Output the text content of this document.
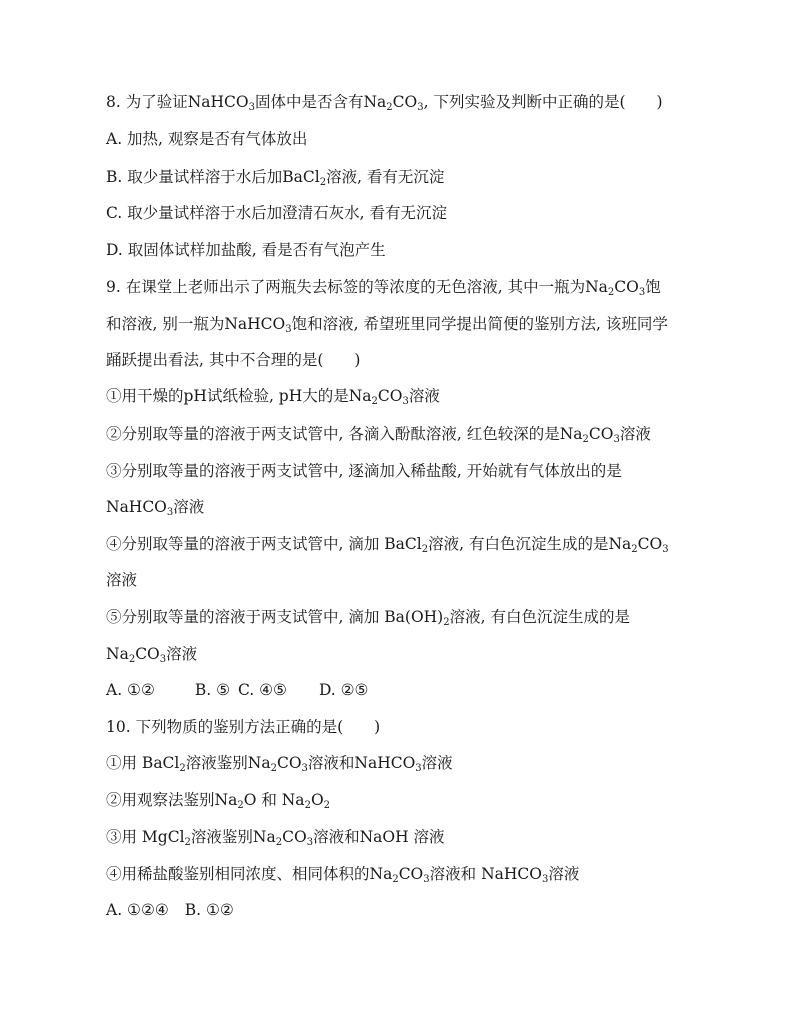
8. 为了验证NaHCO$_3$固体中是否含有$Na_2CO_3$, 下列实验及判断中正确的是(　　)
A. 加热, 观察是否有气体放出
B. 取少量试样溶于水后加BaCl$_2$溶液, 看有无沉淀
C. 取少量试样溶于水后加澄清石灰水, 看有无沉淀
D. 取固体试样加盐酸, 看是否有气泡产生
9. 在课堂上老师出示了两瓶失去标签的等浓度的无色溶液, 其中一瓶为$Na_2CO_3$饱
和溶液, 别一瓶为NaHCO$_3$饱和溶液, 希望班里同学提出简便的鉴别方法, 该班同学
踊跃提出看法, 其中不合理的是(　　)
①用干燥的pH试纸检验, pH大的是$Na_2CO_3$溶液
②分别取等量的溶液于两支试管中, 各滴入酚酞溶液, 红色较深的是$Na_2CO_3$溶液
③分别取等量的溶液于两支试管中, 逐滴加入稀盐酸, 开始就有气体放出的是
NaHCO$_3$溶液
④分别取等量的溶液于两支试管中, 滴加 BaCl$_2$溶液, 有白色沉淀生成的是$Na_2CO_3$
溶液
⑤分别取等量的溶液于两支试管中, 滴加 $Ba(OH)_2$溶液, 有白色沉淀生成的是
$Na_2CO_3$溶液
A. ①②	B. ⑤ C. ④⑤ D. ②⑤
10. 下列物质的鉴别方法正确的是(　　)
①用 BaCl$_2$溶液鉴别$Na_2CO_3$溶液和NaHCO$_3$溶液
②用观察法鉴别$Na_2O$ 和 $Na_2O_2$
③用 MgCl$_2$溶液鉴别$Na_2CO_3$溶液和NaOH 溶液
④用稀盐酸鉴别相同浓度、相同体积的$Na_2CO_3$溶液和 NaHCO$_3$溶液
A. ①②④ B. ①②
